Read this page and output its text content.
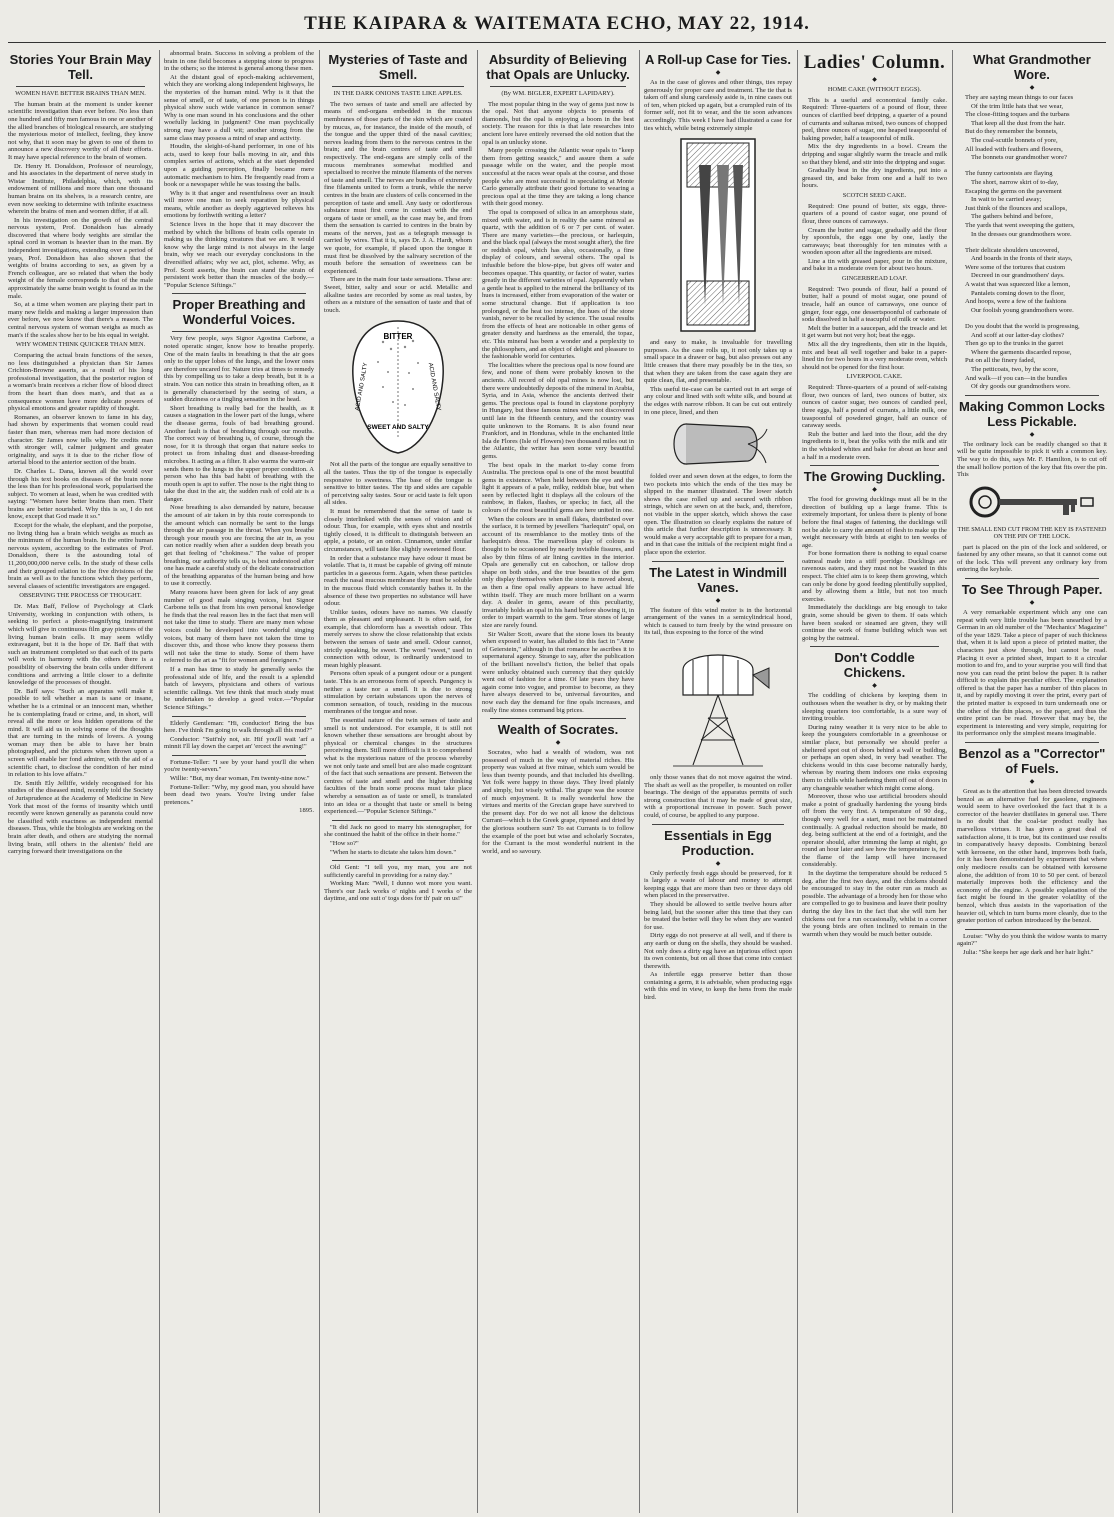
THE KAIPARA & WAITEMATA ECHO, MAY 22, 1914.
Stories Your Brain May Tell.
WOMEN HAVE BETTER BRAINS THAN MEN.

The human brain at the moment is under keener scientific investigation than ever before. No less than one hundred and fifty men famous in one or another of the allied branches of biological research, are studying the mysterious motor of intellect, feeling, they know not why, that it soon may be given to one of them to announce a new discovery worthy of all their efforts. It may have special reference to the brain of women.

Dr. Henry H. Donaldson, Professor of neurology, and his associates in the department of nerve study in Wistar Institute, Philadelphia, which, with its endowment of millions and more than one thousand human brains on its shelves, is a research centre, are even now seeking to determine with infinite exactness wherein the brains of men and women differ, if at all.

In his investigation on the growth of the central nervous system, Prof. Donaldson has already discovered that where body weights are similar the spinal cord in woman is heavier than in the man. By independent investigations, extending over a period of years, Prof. Donaldson has also shown that the weights of brains according to sex, as given by a French colleague, are so related that when the body weight of the female corresponds to that of the male approximately the same brain weight is found as in the male.

So, at a time when women are playing their part in many new fields and making a larger impression than ever before, we now know that there's a reason. The central nervous system of woman weighs as much as man's if the scales show her to be his equal in weight.

WHY WOMEN THINK QUICKER THAN MEN.

Comparing the actual brain functions of the sexes, no less distinguished a physician than Sir James Crichton-Browne asserts, as a result of his long professional investigation, that the posterior region of a woman's brain receives a richer flow of blood direct from the heart than does man's, and that as a consequence women have more delicate powers of physical emotions and greater rapidity of thought.

Romanes, an observer known to fame in his day, had shown by experiments that women could read faster than men, whereas men had more decision of character. Sir James now tells why. He credits man with stronger will, calmer judgment and greater originality, and says it is due to the richer flow of arterial blood to the anterior section of the brain.

Dr. Charles L. Dana, known all the world over through his text books on diseases of the brain none the less than for his professional work, popularised the subject. To women at least, when he was credited with saying: "Women have better brains than men. Their brains are better nourished. Why this is so, I do not know, except that God made it so."

Except for the whale, the elephant, and the porpoise, no living thing has a brain which weighs as much as the minimum of the human brain. In the entire human nervous system, according to the estimates of Prof. Donaldson, there is the astounding total of 11,200,000,000 nerve cells. In the study of these cells and their grouped relation to the five divisions of the brain as well as to the functions which they perform, several classes of scientific investigators are engaged.

OBSERVING THE PROCESS OF THOUGHT.

Dr. Max Baff, Fellow of Psychology at Clark University, working in conjunction with others, is seeking to perfect a photo-magnifying instrument which will give in continuous film gray pictures of the living human brain cells. It may seem wildly extravagant, but it is the hope of Dr. Baff that with such an instrument completed so that each of its parts will work in harmony with the others there is a possibility of observing the brain cells under different conditions and arriving a little closer to a definite knowledge of the processes of thought.

Dr. Baff says: "Such an apparatus will make it possible to tell whether a man is sane or insane, whether he is a criminal or an innocent man, whether he is contemplating fraud or crime, and, in short, will reveal all the more or less hidden operations of the mind. It will aid us in solving some of the thoughts that are turning in the minds of lovers. A young woman may then be able to have her brain photographed, and the pictures when thrown upon a screen will enable her fond admirer, with the aid of a scientific chart, to disclose the condition of her mind in relation to his love affairs."

Dr. Smith Ely Jelliffe, widely recognised for his studies of the diseased mind, recently told the Society of Jurisprudence at the Academy of Medicine in New York that most of the forms of insanity which until recently were known generally as paranoia could now be classified with exactness as independent mental diseases. Thus, while the biologists are working on the brain after death, and others are studying the normal living brain, still others in the alienists' field are carrying forward their investigations on the

abnormal brain. Success in solving a problem of the brain in one field becomes a stepping stone to progress in the others; so the interest is general among these men.

At the distant goal of epoch-making achievement, which they are working along independent highways, lie the mysteries of the human mind. Why is it that the sense of smell, or of taste, of one person is in things physical show such wide variance in common sense? Why is one man sound in his conclusions and the other woefully lacking in judgment? One man psychically strong may have a dull wit; another strong from the same class may possess a mind of snap and activity.

Houdin, the sleight-of-hand performer, in one of his acts, used to keep four balls moving in air, and this complex series of actions, which at the start depended upon a guiding perception, finally became mere automatic mechanism to him. He frequently read from a book or a newspaper while he was tossing the balls.

Why is it that anger and resentfulness over an insult will move one man to seek reparation by physical means, while another as deeply aggrieved relieves his emotions by forthwith writing a letter?

Science lives in the hope that it may discover the method by which the billions of brain cells operate in making us the thinking creatures that we are. It would know why the large mind is not always in the large brain, why we reach our everyday conclusions in the diversified affairs; why we act, plot, scheme. Why, as Prof. Scott asserts, the brain can stand the strain of persistent work better than the muscles of the body.— "Popular Science Siftings."

Proper Breathing and Wonderful Voices.

Very few people, says Signor Agostina Carbone, a noted operatic singer, know how to breathe properly. One of the main faults in breathing is that the air goes only to the upper lobes of the lungs, and the lower ones are therefore uncared for. Nature tries at times to remedy this by compelling us to take a deep breath, but it is a strain. You can notice this strain in breathing often, as it is generally characterised by the seeing of stars, a sudden dizziness or a tingling sensation in the head.

Short breathing is really bad for the health, as it causes a stagnation in the lower part of the lungs, where the disease germs, fouls of bad breathing ground. Another fault is that of breathing through our mouths. The correct way of breathing is, of course, through the nose, for it is through that organ that nature seeks to protect us from inhaling dust and disease-breeding microbes. It acting as a filter. It also warms the warm-air sends them to the lungs in the upper proper condition. A person who has this bad habit of breathing with the mouth open is apt to suffer. The nose is the right thing to take the dust in the air, the sudden rush of cold air is a danger.

Nose breathing is also demanded by nature, because the amount of air taken in by this route corresponds to the amount which can normally be sent to the lungs through the air passage in the throat. When you breathe through your mouth you are forcing the air in, as you can notice readily when after a sudden deep breath you get that feeling of "chokiness." The value of proper breathing, our authority tells us, is best understood after one has made a careful study of the delicate construction of the breathing apparatus of the human being and how to use it correctly.

Many reasons have been given for lack of any great number of good male singing voices, but Signor Carbone tells us that from his own personal knowledge he finds that the real reason lies in the fact that men will not take the time to study. There are many men whose voices could be developed into wonderful singing voices, but many of them have not taken the time to discover this, and those who know they possess them will not take the time to study. Some of them have referred to the art as "fit for women and foreigners."

If a man has time to study he generally seeks the professional side of life, and the result is a splendid batch of lawyers, physicians and others of various scientific callings. Yet few think that much study must be undertaken to develop a good voice.—"Popular Science Siftings."

Elderly Gentleman: "Hi, conductor! Bring the bus here. I've think I'm going to walk through all this mud?"

Conductor: "Sutt'nly not, sir. Hif you'll wait 'arf a minnit I'll lay down the carpet an' 'ercect the awning!"

Fortune-Teller: "I see by your hand you'll die when you're twenty-seven."

Willie: "But, my dear woman, I'm twenty-nine now."

Fortune-Teller: "Why, my good man, you should have been dead two years. You're living under false pretences."

1895.

Mysteries of Taste and Smell.
IN THE DARK ONIONS TASTE LIKE APPLES.

The two senses of taste and smell are affected by means of end-organs embedded in the mucous membranes of those parts of the skin which are coated by mucus, as, for instance, the inside of the mouth, of the tongue and the upper third of the nasal cavities; nerves leading from them to the nervous centres in the brain; and the brain centres of taste and smell respectively. The end-organs are simply cells of the mucous membranes somewhat modified and specialised to receive the minute filaments of the nerves of taste and smell. The nerves are bundles of extremely fine filaments united to form a trunk, while the nerve centres in the brain are clusters of cells concerned in the perception of taste and smell. Any tasty or odoriferous substance must first come in contact with the end organs of taste or smell, as the case may be, and from them the sensation is carried to centres in the brain by means of the nerves, just as a telegraph message is carried by wires. That it is, says Dr. J. A. Hardt, whom we quote, for example, if placed upon the tongue it must first be dissolved by the salivary secretion of the mouth before the sensation of sweetness can be experienced.

There are in the main four taste sensations. These are: Sweet, bitter, salty and sour or acid. Metallic and alkaline tastes are recorded by some as real tastes, by others as a mixture of the sensation of taste and that of touch.

BITTER
ACID AND SALTY	ACID AND SALTY
SWEET AND SALTY

Not all the parts of the tongue are equally sensitive to all the tastes. Thus the tip of the tongue is especially responsive to sweetness. The base of the tongue is sensitive to bitter tastes. The tip and sides are capable of perceiving salty tastes. Sour or acid taste is felt upon all sides.

It must be remembered that the sense of taste is closely interlinked with the senses of vision and of odour. Thus, for example, with eyes shut and nostrils tightly closed, it is difficult to distinguish between an apple, a potato, or an onion. Cinnamon, under similar circumstances, will taste like slightly sweetened flour.

In order that a substance may have odour it must be volatile. That is, it must be capable of giving off minute particles in a gaseous form. Again, when these particles reach the nasal mucous membrane they must be soluble in the mucous fluid which constantly bathes it. In the absence of these two properties no substance will have odour.

Unlike tastes, odours have no names. We classify them as pleasant and unpleasant. It is often said, for example, that chloroform has a sweetish odour. This merely serves to show the close relationship that exists between the senses of taste and smell. Odour cannot, strictly speaking, be sweet. The word "sweet," used in connection with odour, is ordinarily understood to mean highly pleasant.

Persons often speak of a pungent odour or a pungent taste. This is an erroneous form of speech. Pungency is neither a taste nor a smell. It is due to strong stimulation by certain substances upon the nerves of common sensation, of touch, residing in the mucous membranes of the tongue and nose.

The essential nature of the twin senses of taste and smell is not understood. For example, it is still not known whether these sensations are brought about by physical or chemical changes in the structures perceiving them. Still more difficult is it to comprehend what is the mysterious nature of the process whereby we not only taste and smell but are also made cognizant of the fact that such sensations are present. Between the centres of taste and smell and the higher thinking faculties of the brain some process must take place whereby a sensation as of taste or smell, is translated into an idea or a thought that taste or smell is being experienced.—"Popular Science Siftings."

"It did Jack no good to marry his stenographer, for she continued the habit of the office in their home."

"How so?"

"When he starts to dictate she takes him down."

Old Gent: "I tell you, my man, you are not sufficiently careful in providing for a rainy day."

Working Man: "Well, I dunno wot more you want. There's our Jack works o' nights and I works o' the daytime, and one suit o' togs does for th' pair on us!"

Absurdity of Believing that Opals are Unlucky.
(By WM. BIGLER, EXPERT LAPIDARY).

The most popular thing in the way of gems just now is the opal. Not that anyone objects to presents of diamonds, but the opal is enjoying a boom in the best society. The reason for this is that late researches into ancient lore have entirely reversed the old notion that the opal is an unlucky stone.

Many people crossing the Atlantic wear opals to "keep them from getting seasick," and assure them a safe passage while on the water, and the people most successful at the races wear opals at the course, and those people who are most successful in speculating at Monte Carlo generally attribute their good fortune to wearing a precious opal at the time they are taking a long chance with their good money.

The opal is composed of silica in an amorphous state, mixed with water, and is in reality the same mineral as quartz, with the addition of 6 or 7 per cent. of water. There are many varieties—the precious, or harlequin, and the black opal (always the most sought after), the fire or reddish opal, which has also, occasionally, a fine display of colours, and several others. The opal is infusible before the blow-pipe, but gives off water and becomes opaque. This quantity, or factor of water, varies greatly in the different varieties of opal. Apparently when a gentle heat is applied to the mineral the brilliancy of its hues is increased, either from evaporation of the water or some structural change. But if application is too prolonged, or the heat too intense, the hues of the stone vanish, never to be recalled by science. The usual results from the effects of heat are noticeable in other gems of greater density and hardness as the emerald, the topaz, etc. This mineral has been a wonder and a perplexity to the philosophers, and an object of delight and pleasure to the fashionable world for centuries.

The localities where the precious opal is now found are few, and none of them were probably known to the ancients. All record of old opal mines is now lost, but there were undoubtedly deposits of the mineral in Arabia, Syria, and in Asia, whence the ancients derived their gems. The precious opal is found in claystone porphyry in Hungary, but these famous mines were not discovered until late in the fifteenth century, and the country was quite unknown to the Romans. It is also found near Frankfort, and in Honduras, while in the enchanted little Isla de Flores (Isle of Flowers) two thousand miles out in the Atlantic, the writer has seen some very beautiful gems.

The best opals in the market to-day come from Australia. The precious opal is one of the most beautiful gems in existence. When held between the eye and the light it appears of a pale, milky, reddish blue, but when seen by reflected light it displays all the colours of the rainbow, in flakes, flashes, or specks; in fact, all the colours of the most beautiful gems are here united in one.

When the colours are in small flakes, distributed over the surface, it is termed by jewellers "harlequin" opal, on account of its resemblance to the motley tints of the harlequin's dress. The marvellous play of colours is thought to be occasioned by nearly invisible fissures, and also by thin films of air lining cavities in the interior. Opals are generally cut en cabochon, or tallow drop shape on both sides, and the true beauties of the gem only display themselves when the stone is moved about, as then a fine opal really appears to have actual life within itself. They are much more brilliant on a warm day. A dealer in gems, aware of this peculiarity, invariably holds an opal in his hand before showing it, in order to impart warmth to the gem. True stones of large size are rarely found.

Sir Walter Scott, aware that the stone loses its beauty when exposed to water, has alluded to this fact in "Anne of Geierstein," although in that romance he ascribes it to supernatural agency. Strange to say, after the publication of the brilliant novelist's fiction, the belief that opals were unlucky obtained such currency that they quickly went out of fashion for a time. Of late years they have again come into vogue, and promise to become, as they have always deserved to be, universal favourites, and now each day the demand for fine opals increases, and really fine stones command big prices.

Wealth of Socrates.
◆

Socrates, who had a wealth of wisdom, was not possessed of much in the way of material riches. His property was valued at five minae, which sum would be less than twenty pounds, and that included his dwelling. Yet folk were happy in those days. They lived plainly and simply, but wisely withal. The grape was the source of much enjoyment. It is really wonderful how the virtues and merits of the Grecian grape have survived to the present day. For do we not all know the delicious Currant—which is the Greek grape, ripened and dried by the glorious southern sun? To eat Currants is to follow the example of the poet but wise and scholarly Socrates, for the Currant is the most wonderful nutrient in the world, and so savoury.

A Roll-up Case for Ties.
◆

As in the case of gloves and other things, ties repay generously for proper care and treatment. The tie that is taken off and slung carelessly aside is, in nine cases out of ten, when picked up again, but a crumpled ruin of its former self, not fit to wear, and the tie soon advances accordingly. This week I have had illustrated a case for ties which, while being extremely simple

and easy to make, is invaluable for travelling purposes. As the case rolls up, it not only takes up a small space in a drawer or bag, but also presses out any little creases that there may possibly be in the ties, so that when they are taken from the case again they are quite clean, flat, and presentable.

This useful tie-case can be carried out in art serge of any colour and lined with soft white silk, and bound at the edges with narrow ribbon. It can be cut out entirely in one piece, lined, and then

folded over and sewn down at the edges, to form the two pockets into which the ends of the ties may be slipped in the manner illustrated. The lower sketch shows the case rolled up and secured with ribbon strings, which are sewn on at the back, and, therefore, not visible in the upper sketch, which shows the case open. The illustration so clearly explains the nature of this article that further description is unnecessary. It would make a very acceptable gift to prepare for a man, and in that case the initials of the recipient might find a place upon the exterior.

The Latest in Windmill Vanes.
◆

The feature of this wind motor is in the horizontal arrangement of the vanes in a semicylindrical hood, which is caused to turn freely by the wind pressure on its tail, thus exposing to the force of the wind

only those vanes that do not move against the wind. The shaft as well as the propeller, is mounted on roller bearings. The design of the apparatus permits of such strong construction that it may be made of great size, with a proportional increase in power. Such power could, of course, be applied to any purpose.

Essentials in Egg Production.
◆

Only perfectly fresh eggs should be preserved, for it is largely a waste of labour and money to attempt keeping eggs that are more than two or three days old when placed in the preservative.

They should be allowed to settle twelve hours after being laid, but the sooner after this time that they can be treated the better will they be when they are wanted for use.

Dirty eggs do not preserve at all well, and if there is any earth or dung on the shells, they should be washed. Not only does a dirty egg have an injurious effect upon its own contents, but on all those that come into contact therewith.

As infertile eggs preserve better than those containing a germ, it is advisable, when producing eggs with this end in view, to keep the hens from the male bird.

Ladies' Column.
◆
HOME CAKE (WITHOUT EGGS).

This is a useful and economical family cake. Required: Three-quarters of a pound of flour, three ounces of clarified beef dripping, a quarter of a pound of currants and sultanas mixed, two ounces of chopped peel, three ounces of sugar, one heaped teaspoonful of baking powder, half a teaspoonful of milk.

Mix the dry ingredients in a bowl. Cream the dripping and sugar slightly warm the treacle and milk so that they blend, and stir into the dripping and sugar.

Gradually beat in the dry ingredients, put into a greased tin, and bake from one and a half to two hours.

SCOTCH SEED CAKE.

Required: One pound of butter, six eggs, three-quarters of a pound of castor sugar, one pound of flour, three ounces of carraways.

Cream the butter and sugar, gradually add the flour by spoonfuls, the eggs one by one, lastly the carraways; beat thoroughly for ten minutes with a wooden spoon after all the ingredients are mixed.

Line a tin with greased paper, pour in the mixture, and bake in a moderate oven for about two hours.

GINGERBREAD LOAF.

Required: Two pounds of flour, half a pound of butter, half a pound of moist sugar, one pound of treacle, half an ounce of carraways, one ounce of ginger, four eggs, one dessertspoonful of carbonate of soda dissolved in half a teacupful of milk or water.

Melt the butter in a saucepan, add the treacle and let it get warm but not very hot; beat the eggs.

Mix all the dry ingredients, then stir in the liquids, mix and beat all well together and bake in a paper-lined tin for two hours in a very moderate oven, which should not be opened for the first hour.

LIVERPOOL CAKE.

Required: Three-quarters of a pound of self-raising flour, two ounces of lard, two ounces of butter, six ounces of castor sugar, two ounces of candied peel, three eggs, half a pound of currants, a little milk, one teaspoonful of powdered ginger, half an ounce of caraway seeds.

Rub the butter and lard into the flour, add the dry ingredients to it, beat the yolks with the milk and stir in the whisked whites and bake for about an hour and a half in a moderate oven.

The Growing Duckling.
◆

The food for growing ducklings must all be in the direction of building up a large frame. This is extremely important, for unless there is plenty of bone before the final stages of fattening, the ducklings will not be able to carry the amount of flesh to make up the weight necessary with birds at eight to ten weeks of age.

For bone formation there is nothing to equal coarse oatmeal made into a stiff porridge. Ducklings are ravenous eaters, and they must not be wasted in this respect. The chief aim is to keep them growing, which can only be done by good feeding plentifully supplied, and by allowing them a little, but not too much exercise.

Immediately the ducklings are big enough to take grain, some should be given to them. If oats which have been soaked or steamed are given, they will continue the work of frame building which was set going by the oatmeal.

Don't Coddle Chickens.
◆

The coddling of chickens by keeping them in outhouses when the weather is dry, or by making their sleeping quarters too comfortable, is a sure way of inviting trouble.

During rainy weather it is very nice to be able to keep the youngsters comfortable in a greenhouse or similar place, but personally we should prefer a sheltered spot out of doors behind a wall or building, or perhaps an open shed, in very bad weather. The chickens would in this case become naturally hardy, whereas by rearing them indoors one risks exposing them to chills while hardening them off out of doors in any changeable weather which might come along.

Moreover, those who use artificial brooders should make a point of gradually hardening the young birds off from the very first. A temperature of 90 deg., though very well for a start, must not be maintained continually. A gradual reduction should be made, 80 deg. being sufficient at the end of a fortnight, and the operator should, after trimming the lamp at night, go round an hour later and see how the temperature is, for the flame of the lamp will have increased considerably.

In the daytime the temperature should be reduced 5 deg. after the first two days, and the chickens should be encouraged to stay in the outer run as much as possible. The advantage of a broody hen for those who are compelled to go to business and leave their poultry during the day lies in the fact that she will turn her chickens out for a run occasionally, whilst in a corner the young birds are often inclined to remain in the warmth when they would be much better outside.

What Grandmother Wore.
◆

They are saying mean things to our faces

Of the trim little hats that we wear,

The close-fitting toques and the turbans

That keep all the dust from the hair.

But do they remember the bonnets,

The coal-scuttle bonnets of yore,

All loaded with feathers and flowers,

The bonnets our grandmother wore?

The funny cartoonists are flaying

The short, narrow skirt of to-day,

Escaping the germs on the pavement

In wait to be carried away;

Just think of the flounces and scallops,

The gathers behind and before,

The yards that went sweeping the gutters,

In the dresses our grandmothers wore.

Their delicate shoulders uncovered,

And boards in the fronts of their stays,

Were some of the tortures that custom

Decreed in our grandmothers' days.

A waist that was squeezed like a lemon,

Pantalets coming down to the floor,

And hoops, were a few of the fashions

Our foolish young grandmothers wore.

Do you doubt that the world is progressing,

And scoff at our latter-day clothes?

Then go up to the trunks in the garret

Where the garments discarded repose,

Put on all the finery faded,

The petticoats, two, by the score,

And walk—if you can—in the bundles

Of dry goods our grandmothers wore.

Making Common Locks Less Pickable.
◆

The ordinary lock can be readily changed so that it will be quite impossible to pick it with a common key. The way to do this, says Mr. F. Hamilton, is to cut off the small hollow portion of the key that fits over the pin. This

THE SMALL END CUT FROM THE KEY IS FASTENED ON THE PIN OF THE LOCK.

part is placed on the pin of the lock and soldered, or fastened by any other means, so that it cannot come out of the lock. This will prevent any ordinary key from entering the keyhole.

To See Through Paper.
◆

A very remarkable experiment which any one can repeat with very little trouble has been unearthed by a German in an old number of the "Mechanics' Magazine" of the year 1829. Take a piece of paper of such thickness that, when it is laid upon a piece of printed matter, the characters just show through, but cannot be read. Placing it over a printed sheet, impart to it a circular motion to and fro, and to your surprise you will find that now you can read the print below the paper. It is rather difficult to explain this peculiar effect. The explanation offered is that the paper has a number of thin places in it, and by rapidly moving it over the print, every part of the printed matter is exposed in turn underneath one or the other of the thin places, so the paper, and thus the entire print can be read. However that may be, the experiment is interesting and very simple, requiring for its performance only the simplest means imaginable.

Benzol as a "Corrector" of Fuels.
◆

Great as is the attention that has been directed towards benzol as an alternative fuel for gasolene, engineers would seem to have overlooked the fact that it is a corrector of the heavier distillates in general use. There is no doubt that the coal-tar product really has marvellous virtues. It has given a great deal of satisfaction alone, it is true, but its continued use results in comparatively heavy deposits. Combining benzol with kerosene, on the other hand, improves both fuels, for it has been demonstrated by experiment that where only mediocre results can be obtained with kerosene alone, the addition of from 10 to 50 per cent. of benzol materially improves both the efficiency and the economy of the engine. A possible explanation of the fact might be found in the greater volatility of the benzol, which thus assists in the vaporisation of the heavier oil, which in turn burns more cleanly, due to the greater portion of carbon introduced by the benzol.

Louise: "Why do you think the widow wants to marry again?"

Julia: "She keeps her age dark and her hair light."
